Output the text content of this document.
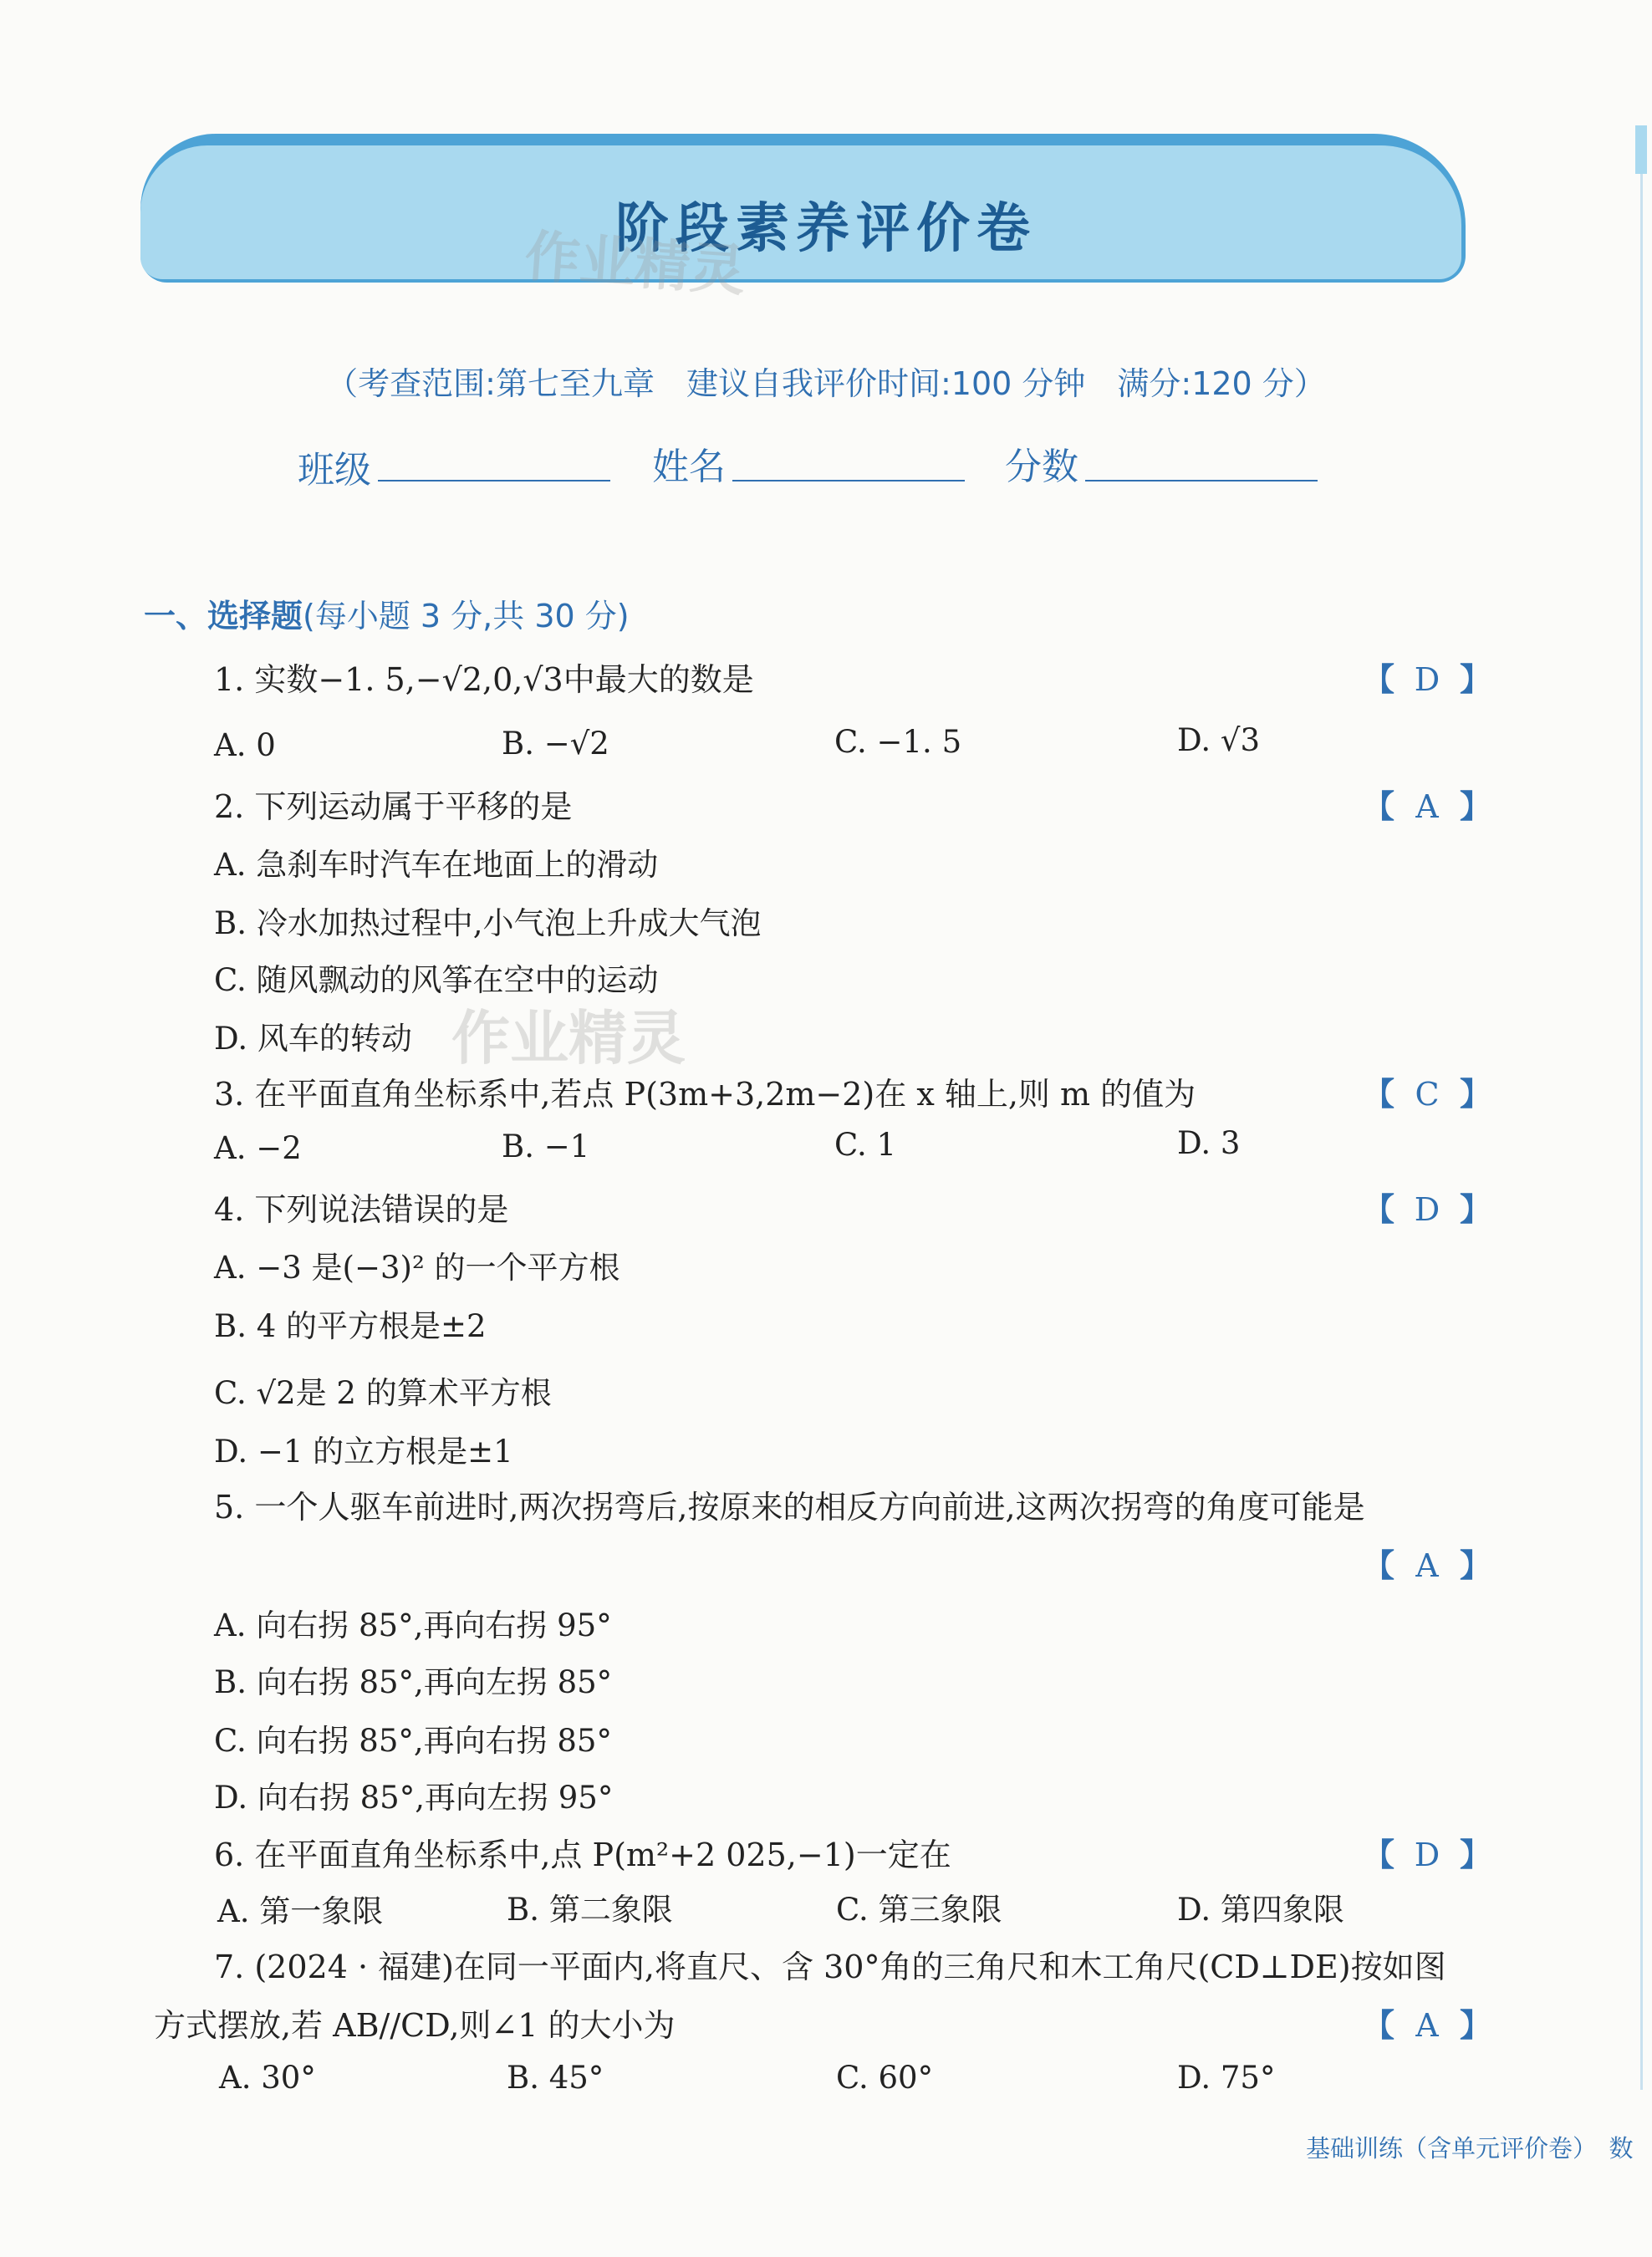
阶段素养评价卷
作业精灵
作业精灵
（考查范围:第七至九章　建议自我评价时间:100 分钟　满分:120 分）
班级	姓名	分数
一、选择题(每小题 3 分,共 30 分)
1. 实数−1. 5,−√2,0,√3中最大的数是	【 D 】
A. 0	B. −√2	C. −1. 5	D. √3
2. 下列运动属于平移的是	【 A 】
A. 急刹车时汽车在地面上的滑动
B. 冷水加热过程中,小气泡上升成大气泡
C. 随风飘动的风筝在空中的运动
D. 风车的转动
3. 在平面直角坐标系中,若点 P(3m+3,2m−2)在 x 轴上,则 m 的值为	【 C 】
A. −2	B. −1	C. 1	D. 3
4. 下列说法错误的是	【 D 】
A. −3 是(−3)² 的一个平方根
B. 4 的平方根是±2
C. √2是 2 的算术平方根
D. −1 的立方根是±1
5. 一个人驱车前进时,两次拐弯后,按原来的相反方向前进,这两次拐弯的角度可能是
【 A 】
A. 向右拐 85°,再向右拐 95°
B. 向右拐 85°,再向左拐 85°
C. 向右拐 85°,再向右拐 85°
D. 向右拐 85°,再向左拐 95°
6. 在平面直角坐标系中,点 P(m²+2 025,−1)一定在	【 D 】
A. 第一象限	B. 第二象限	C. 第三象限	D. 第四象限
7. (2024 · 福建)在同一平面内,将直尺、含 30°角的三角尺和木工角尺(CD⊥DE)按如图
方式摆放,若 AB//CD,则∠1 的大小为	【 A 】
A. 30°	B. 45°	C. 60°	D. 75°
基础训练（含单元评价卷）　数
